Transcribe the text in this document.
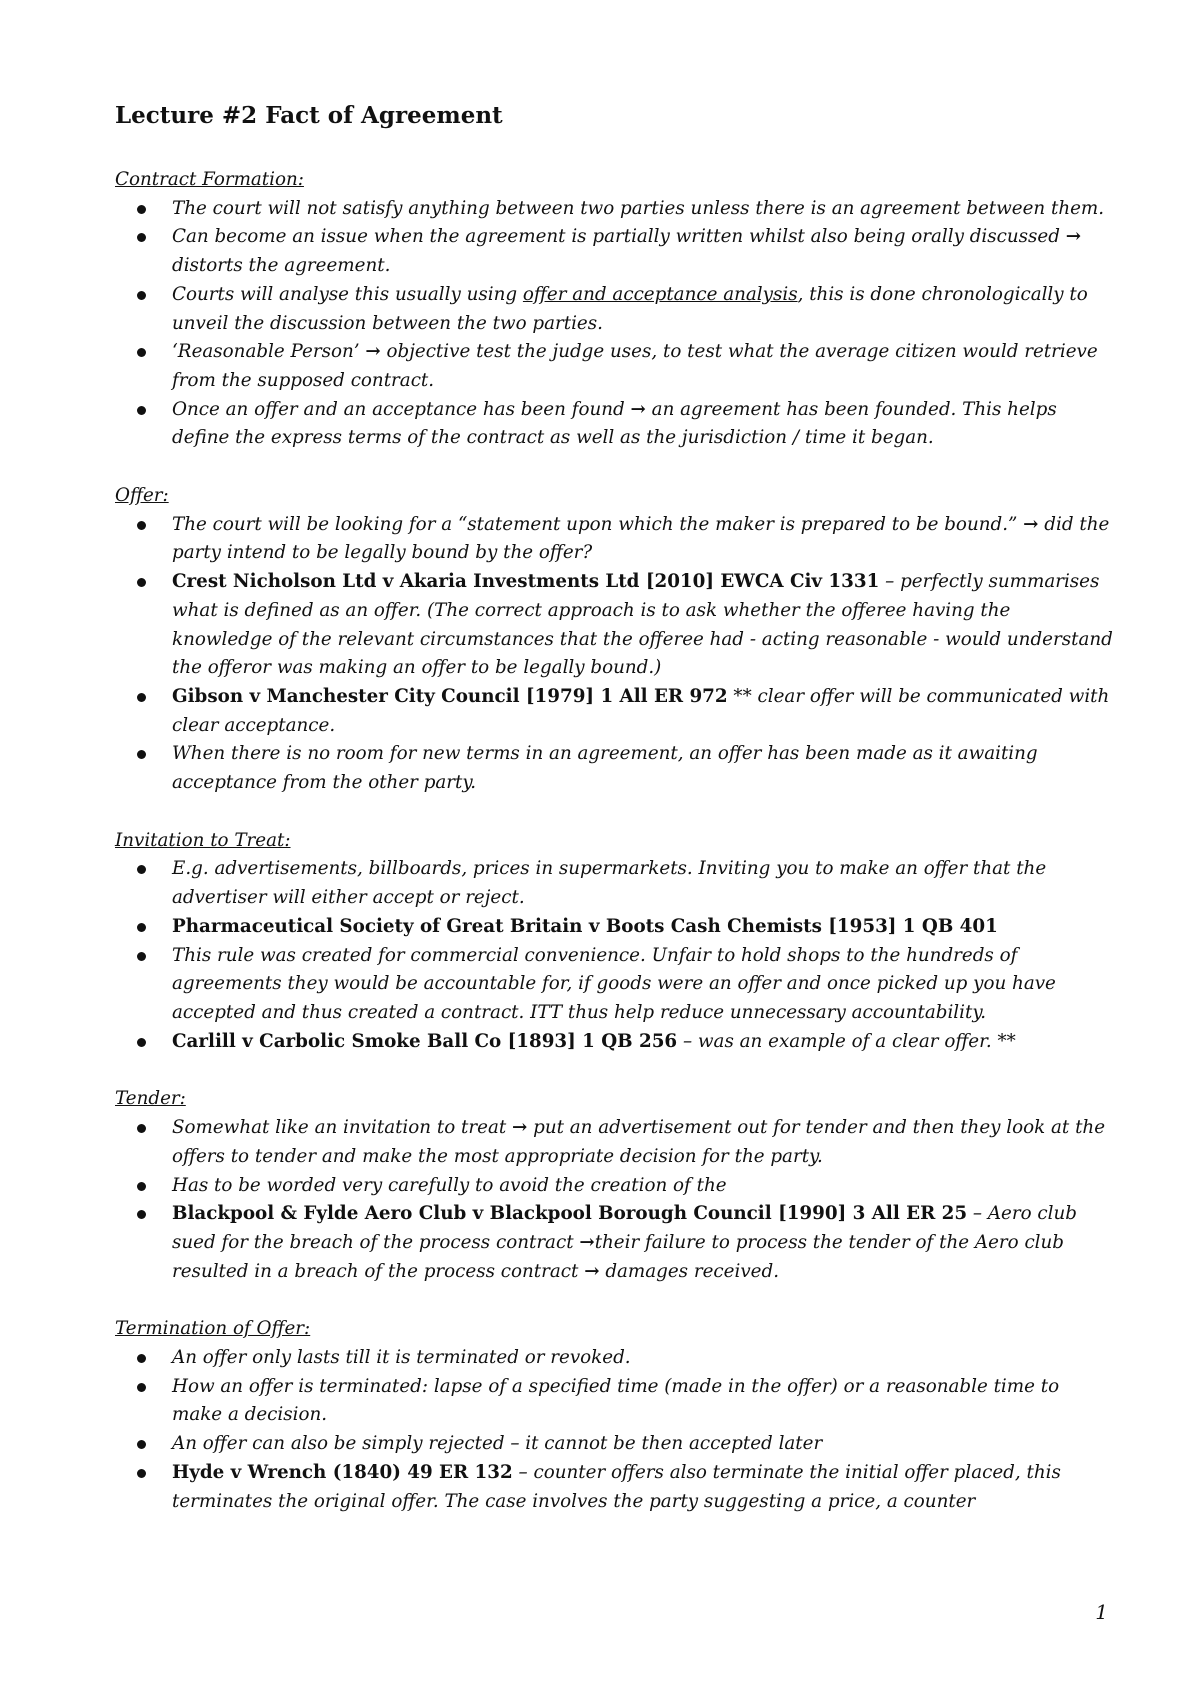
Lecture #2 Fact of Agreement
Contract Formation:
The court will not satisfy anything between two parties unless there is an agreement between them.
Can become an issue when the agreement is partially written whilst also being orally discussed → distorts the agreement.
Courts will analyse this usually using offer and acceptance analysis, this is done chronologically to unveil the discussion between the two parties.
‘Reasonable Person’ → objective test the judge uses, to test what the average citizen would retrieve from the supposed contract.
Once an offer and an acceptance has been found → an agreement has been founded. This helps define the express terms of the contract as well as the jurisdiction / time it began.
Offer:
The court will be looking for a “statement upon which the maker is prepared to be bound.” → did the party intend to be legally bound by the offer?
Crest Nicholson Ltd v Akaria Investments Ltd [2010] EWCA Civ 1331 – perfectly summarises what is defined as an offer. (The correct approach is to ask whether the offeree having the knowledge of the relevant circumstances that the offeree had - acting reasonable - would understand the offeror was making an offer to be legally bound.)
Gibson v Manchester City Council [1979] 1 All ER 972 ** clear offer will be communicated with clear acceptance.
When there is no room for new terms in an agreement, an offer has been made as it awaiting acceptance from the other party.
Invitation to Treat:
E.g. advertisements, billboards, prices in supermarkets. Inviting you to make an offer that the advertiser will either accept or reject.
Pharmaceutical Society of Great Britain v Boots Cash Chemists [1953] 1 QB 401
This rule was created for commercial convenience. Unfair to hold shops to the hundreds of agreements they would be accountable for, if goods were an offer and once picked up you have accepted and thus created a contract. ITT thus help reduce unnecessary accountability.
Carlill v Carbolic Smoke Ball Co [1893] 1 QB 256 – was an example of a clear offer. **
Tender:
Somewhat like an invitation to treat → put an advertisement out for tender and then they look at the offers to tender and make the most appropriate decision for the party.
Has to be worded very carefully to avoid the creation of the
Blackpool & Fylde Aero Club v Blackpool Borough Council [1990] 3 All ER 25 – Aero club sued for the breach of the process contract →their failure to process the tender of the Aero club resulted in a breach of the process contract → damages received.
Termination of Offer:
An offer only lasts till it is terminated or revoked.
How an offer is terminated: lapse of a specified time (made in the offer) or a reasonable time to make a decision.
An offer can also be simply rejected – it cannot be then accepted later
Hyde v Wrench (1840) 49 ER 132 – counter offers also terminate the initial offer placed, this terminates the original offer. The case involves the party suggesting a price, a counter
1
